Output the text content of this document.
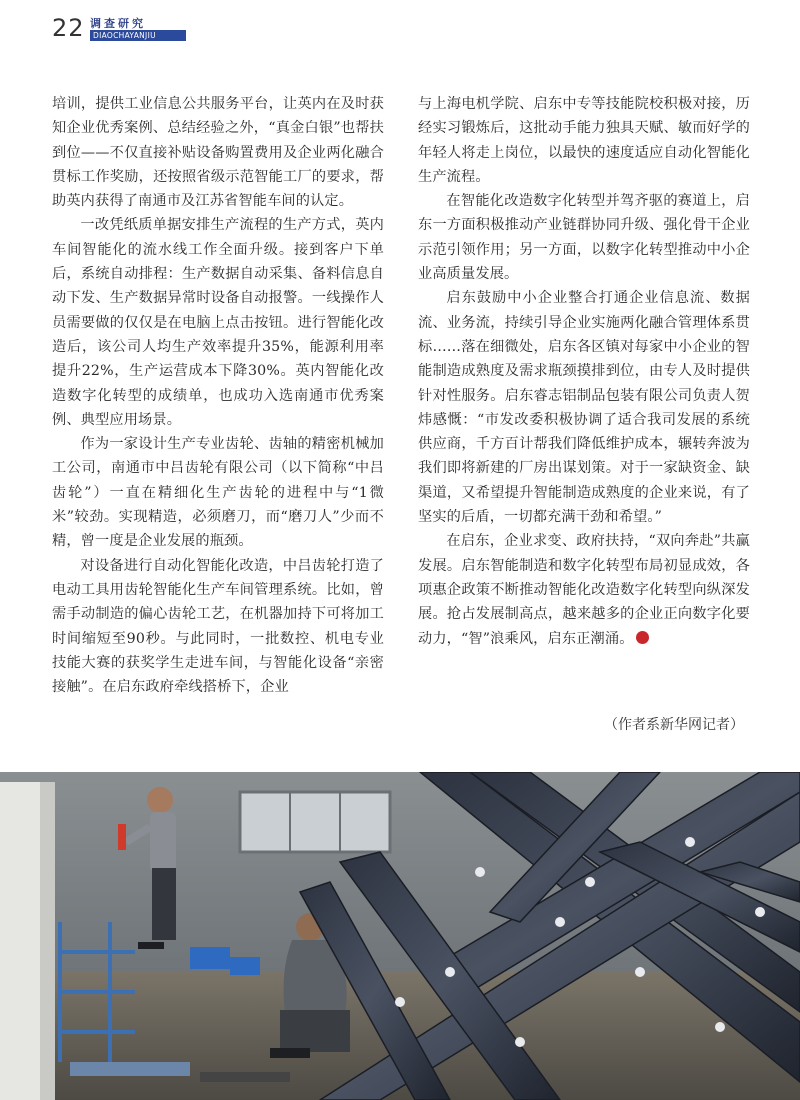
22 调查研究
DIAOCHAYANJIU

培训，提供工业信息公共服务平台，让英内在及时获知企业优秀案例、总结经验之外，“真金白银”也帮扶到位——不仅直接补贴设备购置费用及企业两化融合贯标工作奖励，还按照省级示范智能工厂的要求，帮助英内获得了南通市及江苏省智能车间的认定。

一改凭纸质单据安排生产流程的生产方式，英内车间智能化的流水线工作全面升级。接到客户下单后，系统自动排程：生产数据自动采集、备料信息自动下发、生产数据异常时设备自动报警。一线操作人员需要做的仅仅是在电脑上点击按钮。进行智能化改造后，该公司人均生产效率提升35%，能源利用率提升22%，生产运营成本下降30%。英内智能化改造数字化转型的成绩单，也成功入选南通市优秀案例、典型应用场景。

作为一家设计生产专业齿轮、齿轴的精密机械加工公司，南通市中吕齿轮有限公司（以下简称“中吕齿轮”）一直在精细化生产齿轮的进程中与“1微米”较劲。实现精造，必须磨刀，而“磨刀人”少而不精，曾一度是企业发展的瓶颈。

对设备进行自动化智能化改造，中吕齿轮打造了电动工具用齿轮智能化生产车间管理系统。比如，曾需手动制造的偏心齿轮工艺，在机器加持下可将加工时间缩短至90秒。与此同时，一批数控、机电专业技能大赛的获奖学生走进车间，与智能化设备“亲密接触”。在启东政府牵线搭桥下，企业

与上海电机学院、启东中专等技能院校积极对接，历经实习锻炼后，这批动手能力独具天赋、敏而好学的年轻人将走上岗位，以最快的速度适应自动化智能化生产流程。

在智能化改造数字化转型并驾齐驱的赛道上，启东一方面积极推动产业链群协同升级、强化骨干企业示范引领作用；另一方面，以数字化转型推动中小企业高质量发展。

启东鼓励中小企业整合打通企业信息流、数据流、业务流，持续引导企业实施两化融合管理体系贯标……落在细微处，启东各区镇对每家中小企业的智能制造成熟度及需求瓶颈摸排到位，由专人及时提供针对性服务。启东睿志铝制品包装有限公司负责人贺炜感慨：“市发改委积极协调了适合我司发展的系统供应商，千方百计帮我们降低维护成本，辗转奔波为我们即将新建的厂房出谋划策。对于一家缺资金、缺渠道，又希望提升智能制造成熟度的企业来说，有了坚实的后盾，一切都充满干劲和希望。”

在启东，企业求变、政府扶持，“双向奔赴”共赢发展。启东智能制造和数字化转型布局初显成效，各项惠企政策不断推动智能化改造数字化转型向纵深发展。抢占发展制高点，越来越多的企业正向数字化要动力，“智”浪乘风，启东正潮涌。

（作者系新华网记者）
